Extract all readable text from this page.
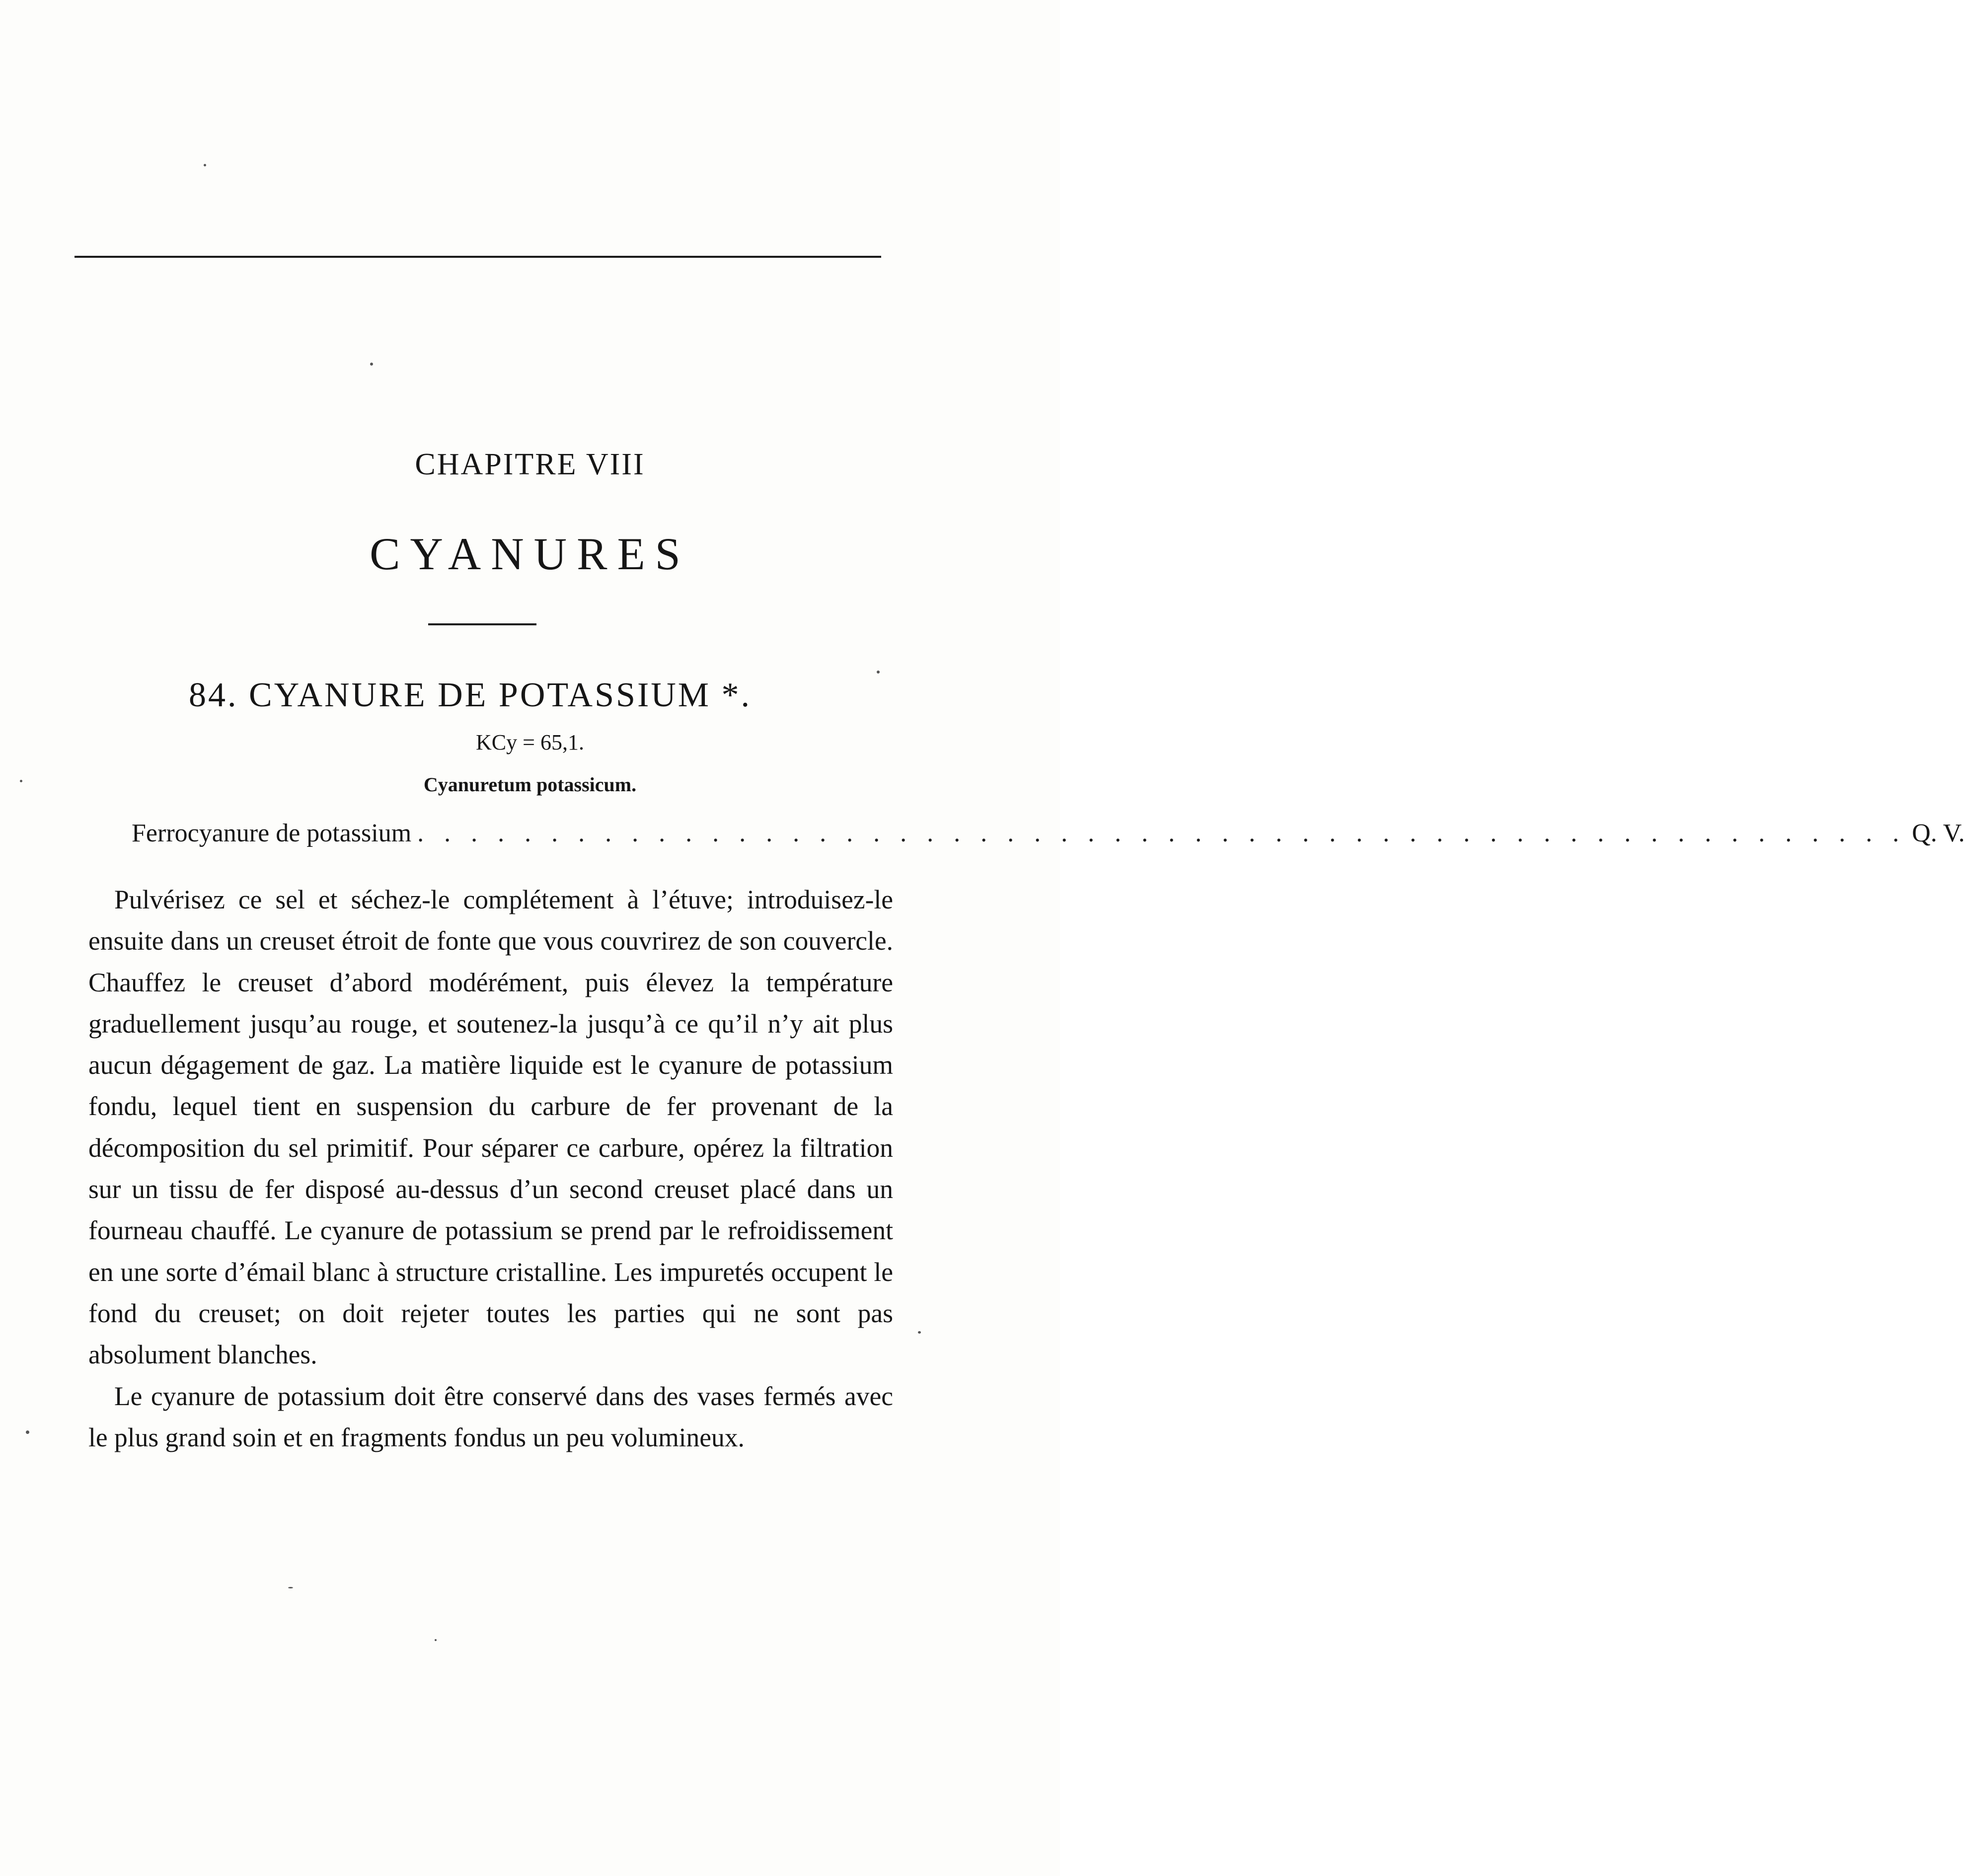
CHAPITRE VIII
CYANURES
84. CYANURE DE POTASSIUM *.
KCy = 65,1.
Cyanuretum potassicum.
Ferrocyanure de potassium . . . . . . . . . . . . . . . . . . . . . . . . . . . . . . . . . . . . . . . . . . . . . . . . . . . . . . . . Q. V.

Pulvérisez ce sel et séchez-le complétement à l’étuve; introduisez-le ensuite dans un creuset étroit de fonte que vous couvrirez de son couvercle. Chauffez le creuset d’abord modérément, puis élevez la température graduellement jusqu’au rouge, et soutenez-la jusqu’à ce qu’il n’y ait plus aucun dégagement de gaz. La matière liquide est le cyanure de potassium fondu, lequel tient en suspension du carbure de fer provenant de la décomposition du sel primitif. Pour séparer ce carbure, opérez la filtration sur un tissu de fer disposé au-dessus d’un second creuset placé dans un fourneau chauffé. Le cyanure de potassium se prend par le refroidissement en une sorte d’émail blanc à structure cristalline. Les impuretés occupent le fond du creuset; on doit rejeter toutes les parties qui ne sont pas absolument blanches.

Le cyanure de potassium doit être conservé dans des vases fermés avec le plus grand soin et en fragments fondus un peu volumineux.
